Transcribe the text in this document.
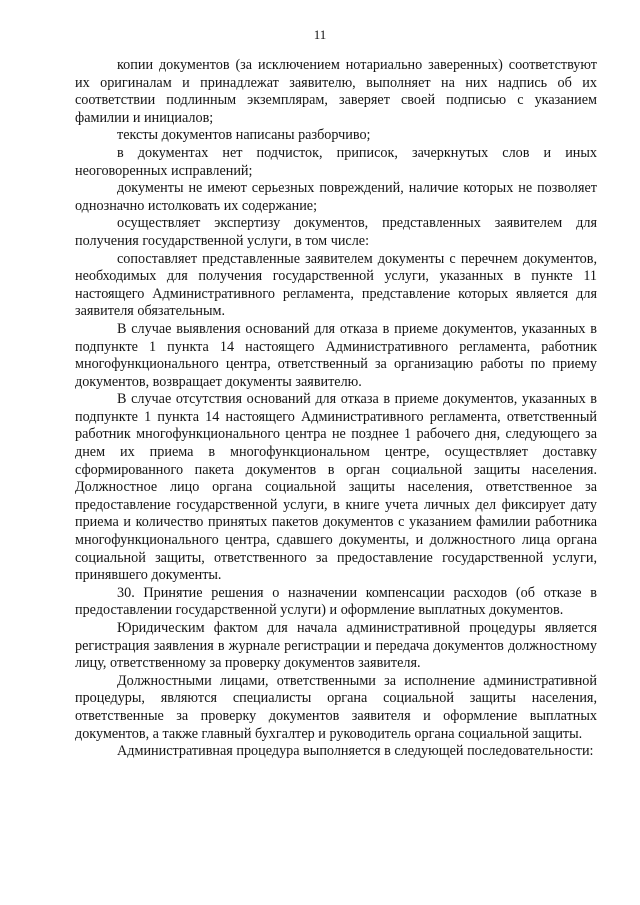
11

копии документов (за исключением нотариально заверенных) соответствуют их оригиналам и принадлежат заявителю, выполняет на них надпись об их соответствии подлинным экземплярам, заверяет своей подписью с указанием фамилии и инициалов;

тексты документов написаны разборчиво;

в документах нет подчисток, приписок, зачеркнутых слов и иных неоговоренных исправлений;

документы не имеют серьезных повреждений, наличие которых не позволяет однозначно истолковать их содержание;

осуществляет экспертизу документов, представленных заявителем для получения государственной услуги, в том числе:

сопоставляет представленные заявителем документы с перечнем документов, необходимых для получения государственной услуги, указанных в пункте 11 настоящего Административного регламента, представление которых является для заявителя обязательным.

В случае выявления оснований для отказа в приеме документов, указанных в подпункте 1 пункта 14 настоящего Административного регламента, работник многофункционального центра, ответственный за организацию работы по приему документов, возвращает документы заявителю.

В случае отсутствия оснований для отказа в приеме документов, указанных в подпункте 1 пункта 14 настоящего Административного регламента, ответственный работник многофункционального центра не позднее 1 рабочего дня, следующего за днем их приема в многофункциональном центре, осуществляет доставку сформированного пакета документов в орган социальной защиты населения. Должностное лицо органа социальной защиты населения, ответственное за предоставление государственной услуги, в книге учета личных дел фиксирует дату приема и количество принятых пакетов документов с указанием фамилии работника многофункционального центра, сдавшего документы, и должностного лица органа социальной защиты, ответственного за предоставление государственной услуги, принявшего документы.

30. Принятие решения о назначении компенсации расходов (об отказе в предоставлении государственной услуги) и оформление выплатных документов.

Юридическим фактом для начала административной процедуры является регистрация заявления в журнале регистрации и передача документов должностному лицу, ответственному за проверку документов заявителя.

Должностными лицами, ответственными за исполнение административной процедуры, являются специалисты органа социальной защиты населения, ответственные за проверку документов заявителя и оформление выплатных документов, а также главный бухгалтер и руководитель органа социальной защиты.

Административная процедура выполняется в следующей последовательности:
